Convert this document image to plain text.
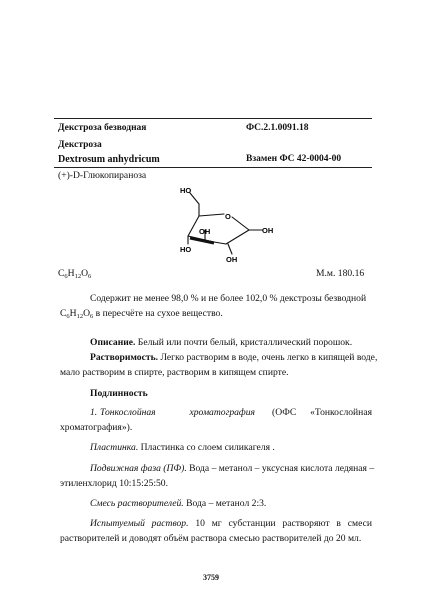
Декстроза безводная	ФС.2.1.0091.18
Декстроза
Dextrosum anhydricum	Взамен ФС 42-0004-00
(+)-D-Глюкопираноза
HO
O
OH
HO
OH
OH
$C_6H_{12}O_6$	М.м. 180.16
Содержит не менее 98,0 % и не более 102,0 % декстрозы безводной
$C_6H_{12}O_6$ в пересчёте на сухое вещество.
Описание. Белый или почти белый, кристаллический порошок.
Растворимость. Легко растворим в воде, очень легко в кипящей воде,
мало растворим в спирте, растворим в кипящем спирте.
Подлинность
1. Тонкослойная хроматография (ОФС «Тонкослойная
хроматография»).
Пластинка. Пластинка со слоем силикагеля .
Подвижная фаза (ПФ). Вода – метанол – уксусная кислота ледяная –
этиленхлорид 10:15:25:50.
Смесь растворителей. Вода – метанол 2:3.
Испытуемый раствор. 10 мг субстанции растворяют в смеси
растворителей и доводят объём раствора смесью растворителей до 20 мл.
3759
